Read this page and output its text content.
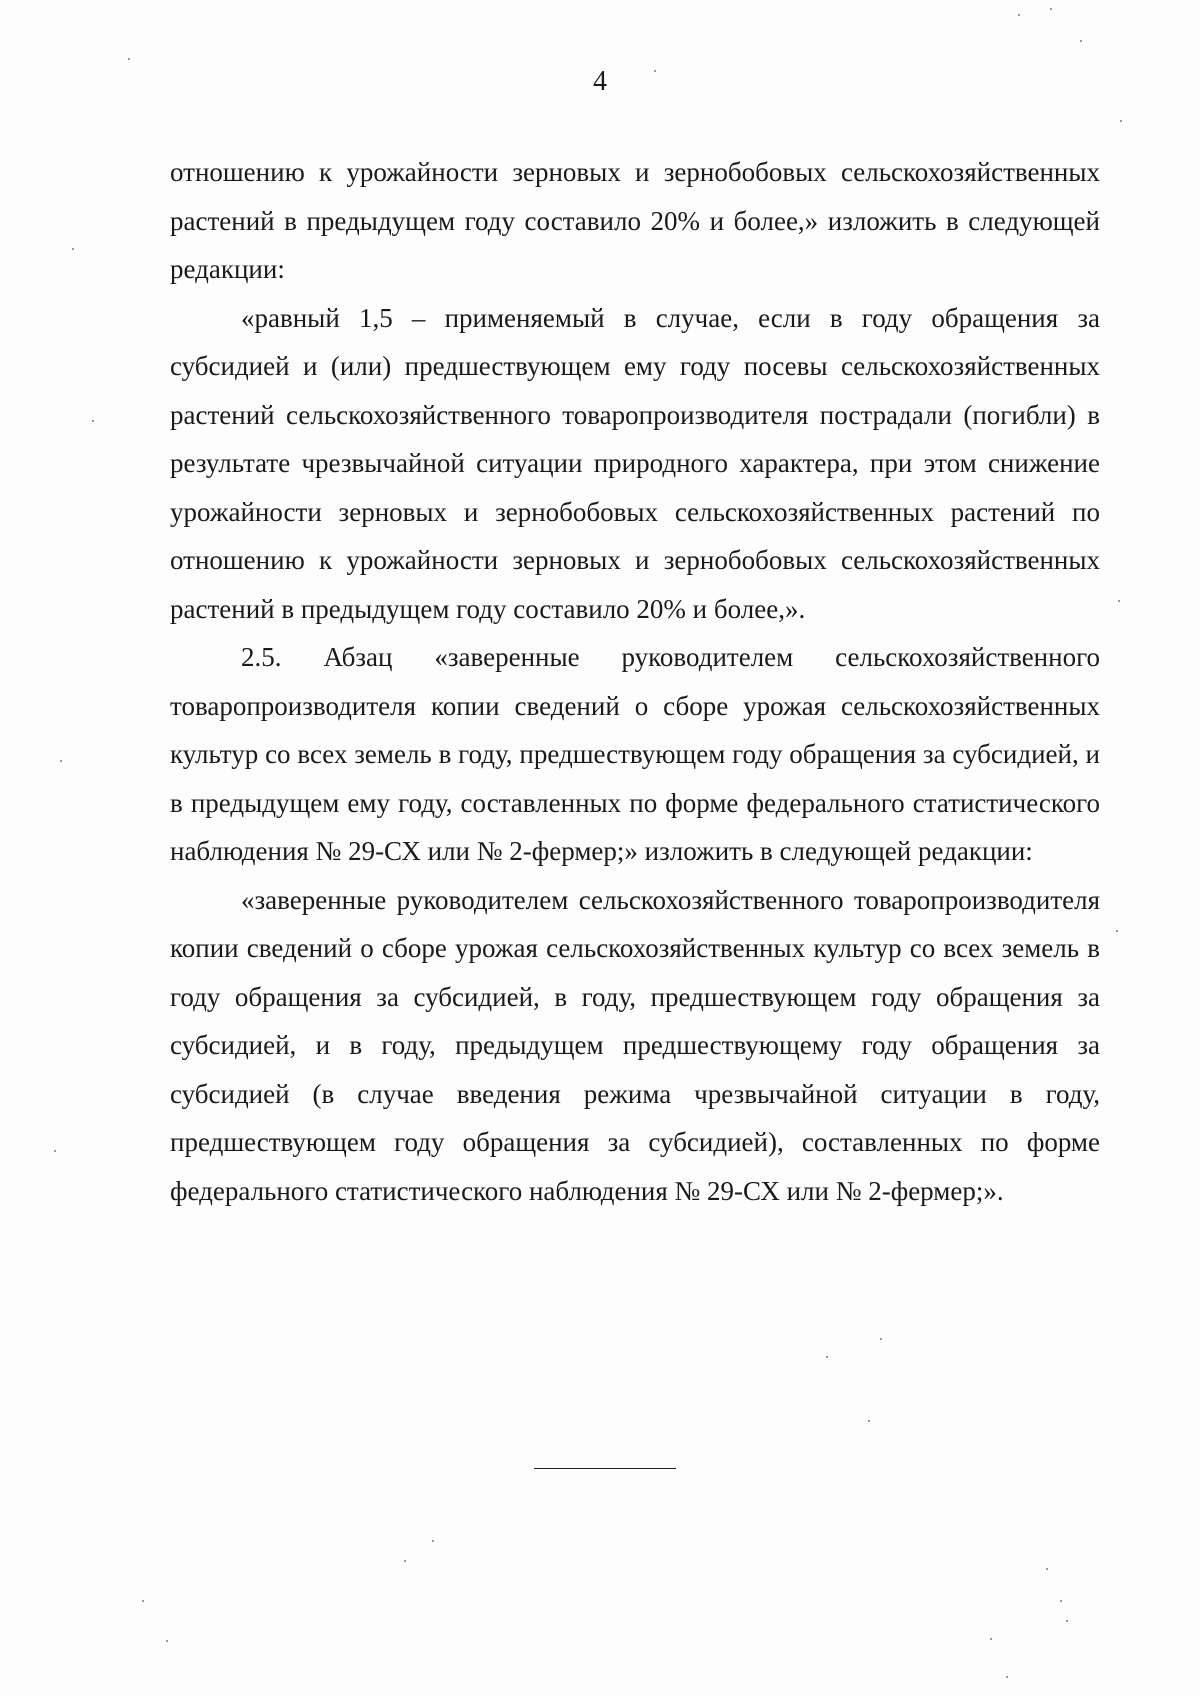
4

отношению к урожайности зерновых и зернобобовых сельскохозяйственных растений в предыдущем году составило 20% и более,» изложить в следующей редакции:

«равный 1,5 – применяемый в случае, если в году обращения за субсидией и (или) предшествующем ему году посевы сельскохозяйственных растений сельскохозяйственного товаропроизводителя пострадали (погибли) в результате чрезвычайной ситуации природного характера, при этом снижение урожайности зерновых и зернобобовых сельскохозяйственных растений по отношению к урожайности зерновых и зернобобовых сельскохозяйственных растений в предыдущем году составило 20% и более,».

2.5. Абзац «заверенные руководителем сельскохозяйственного товаропроизводителя копии сведений о сборе урожая сельскохозяйственных культур со всех земель в году, предшествующем году обращения за субсидией, и в предыдущем ему году, составленных по форме федерального статистического наблюдения № 29-СХ или № 2-фермер;» изложить в следующей редакции:

«заверенные руководителем сельскохозяйственного товаропроизводителя копии сведений о сборе урожая сельскохозяйственных культур со всех земель в году обращения за субсидией, в году, предшествующем году обращения за субсидией, и в году, предыдущем предшествующему году обращения за субсидией (в случае введения режима чрезвычайной ситуации в году, предшествующем году обращения за субсидией), составленных по форме федерального статистического наблюдения № 29-СХ или № 2-фермер;».
